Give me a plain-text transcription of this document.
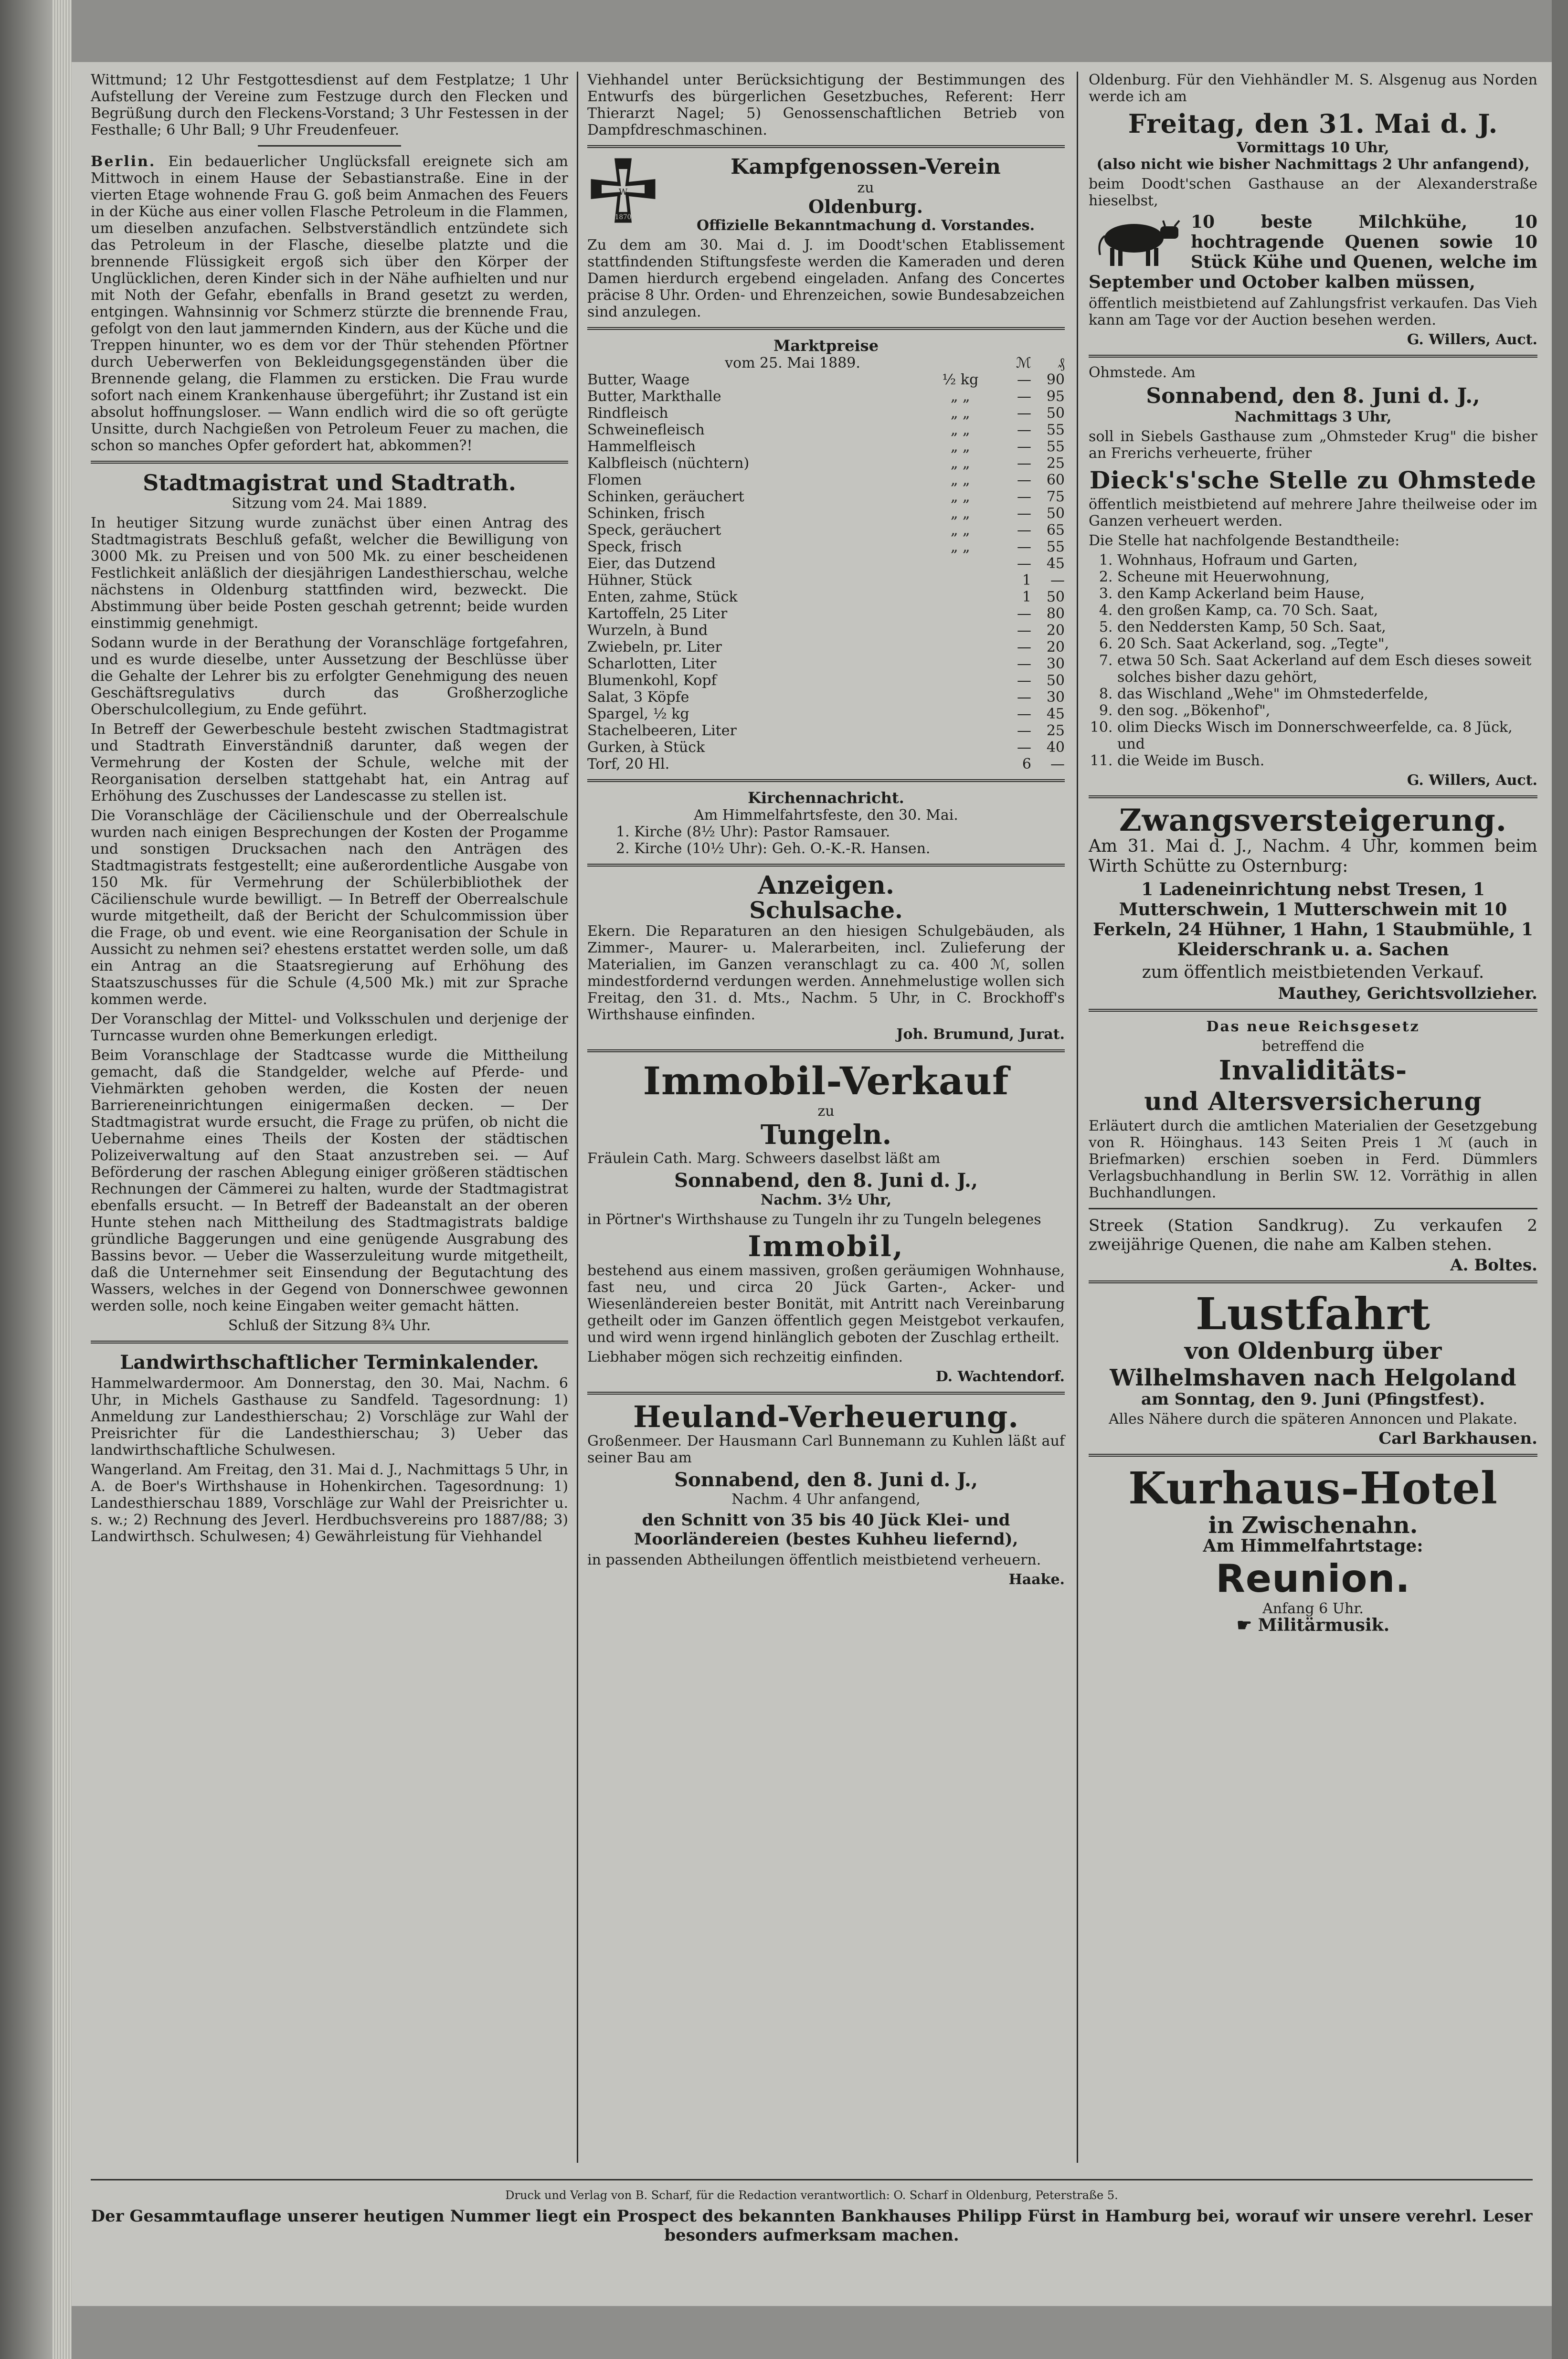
Wittmund; 12 Uhr Festgottesdienst auf dem Festplatze; 1 Uhr Aufstellung der Vereine zum Festzuge durch den Flecken und Begrüßung durch den Fleckens-Vorstand; 3 Uhr Festessen in der Festhalle; 6 Uhr Ball; 9 Uhr Freudenfeuer.

Berlin. Ein bedauerlicher Unglücksfall ereignete sich am Mittwoch in einem Hause der Sebastianstraße. Eine in der vierten Etage wohnende Frau G. goß beim Anmachen des Feuers in der Küche aus einer vollen Flasche Petroleum in die Flammen, um dieselben anzufachen. Selbstverständlich entzündete sich das Petroleum in der Flasche, dieselbe platzte und die brennende Flüssigkeit ergoß sich über den Körper der Unglücklichen, deren Kinder sich in der Nähe aufhielten und nur mit Noth der Gefahr, ebenfalls in Brand gesetzt zu werden, entgingen. Wahnsinnig vor Schmerz stürzte die brennende Frau, gefolgt von den laut jammernden Kindern, aus der Küche und die Treppen hinunter, wo es dem vor der Thür stehenden Pförtner durch Ueberwerfen von Bekleidungsgegenständen über die Brennende gelang, die Flammen zu ersticken. Die Frau wurde sofort nach einem Krankenhause übergeführt; ihr Zustand ist ein absolut hoffnungsloser. — Wann endlich wird die so oft gerügte Unsitte, durch Nachgießen von Petroleum Feuer zu machen, die schon so manches Opfer gefordert hat, abkommen?!

Stadtmagistrat und Stadtrath.

Sitzung vom 24. Mai 1889.

In heutiger Sitzung wurde zunächst über einen Antrag des Stadtmagistrats Beschluß gefaßt, welcher die Bewilligung von 3000 Mk. zu Preisen und von 500 Mk. zu einer bescheidenen Festlichkeit anläßlich der diesjährigen Landesthierschau, welche nächstens in Oldenburg stattfinden wird, bezweckt. Die Abstimmung über beide Posten geschah getrennt; beide wurden einstimmig genehmigt.

Sodann wurde in der Berathung der Voranschläge fortgefahren, und es wurde dieselbe, unter Aussetzung der Beschlüsse über die Gehalte der Lehrer bis zu erfolgter Genehmigung des neuen Geschäftsregulativs durch das Großherzogliche Oberschulcollegium, zu Ende geführt.

In Betreff der Gewerbeschule besteht zwischen Stadtmagistrat und Stadtrath Einverständniß darunter, daß wegen der Vermehrung der Kosten der Schule, welche mit der Reorganisation derselben stattgehabt hat, ein Antrag auf Erhöhung des Zuschusses der Landescasse zu stellen ist.

Die Voranschläge der Cäcilienschule und der Oberrealschule wurden nach einigen Besprechungen der Kosten der Progamme und sonstigen Drucksachen nach den Anträgen des Stadtmagistrats festgestellt; eine außerordentliche Ausgabe von 150 Mk. für Vermehrung der Schülerbibliothek der Cäcilienschule wurde bewilligt. — In Betreff der Oberrealschule wurde mitgetheilt, daß der Bericht der Schulcommission über die Frage, ob und event. wie eine Reorganisation der Schule in Aussicht zu nehmen sei? ehestens erstattet werden solle, um daß ein Antrag an die Staatsregierung auf Erhöhung des Staatszuschusses für die Schule (4,500 Mk.) mit zur Sprache kommen werde.

Der Voranschlag der Mittel- und Volksschulen und derjenige der Turncasse wurden ohne Bemerkungen erledigt.

Beim Voranschlage der Stadtcasse wurde die Mittheilung gemacht, daß die Standgelder, welche auf Pferde- und Viehmärkten gehoben werden, die Kosten der neuen Barriereneinrichtungen einigermaßen decken. — Der Stadtmagistrat wurde ersucht, die Frage zu prüfen, ob nicht die Uebernahme eines Theils der Kosten der städtischen Polizeiverwaltung auf den Staat anzustreben sei. — Auf Beförderung der raschen Ablegung einiger größeren städtischen Rechnungen der Cämmerei zu halten, wurde der Stadtmagistrat ebenfalls ersucht. — In Betreff der Badeanstalt an der oberen Hunte stehen nach Mittheilung des Stadtmagistrats baldige gründliche Baggerungen und eine genügende Ausgrabung des Bassins bevor. — Ueber die Wasserzuleitung wurde mitgetheilt, daß die Unternehmer seit Einsendung der Begutachtung des Wassers, welches in der Gegend von Donnerschwee gewonnen werden solle, noch keine Eingaben weiter gemacht hätten.

Schluß der Sitzung 8¾ Uhr.

Landwirthschaftlicher Terminkalender.

Hammelwardermoor. Am Donnerstag, den 30. Mai, Nachm. 6 Uhr, in Michels Gasthause zu Sandfeld. Tagesordnung: 1) Anmeldung zur Landesthierschau; 2) Vorschläge zur Wahl der Preisrichter für die Landesthierschau; 3) Ueber das landwirthschaftliche Schulwesen.

Wangerland. Am Freitag, den 31. Mai d. J., Nachmittags 5 Uhr, in A. de Boer's Wirthshause in Hohenkirchen. Tagesordnung: 1) Landesthierschau 1889, Vorschläge zur Wahl der Preisrichter u. s. w.; 2) Rechnung des Jeverl. Herdbuchsvereins pro 1887/88; 3) Landwirthsch. Schulwesen; 4) Gewährleistung für Viehhandel

Viehhandel unter Berücksichtigung der Bestimmungen des Entwurfs des bürgerlichen Gesetzbuches, Referent: Herr Thierarzt Nagel; 5) Genossenschaftlichen Betrieb von Dampfdreschmaschinen.

W
1870
Kampfgenossen-Verein

zu

Oldenburg.

Offizielle Bekanntmachung d. Vorstandes.

Zu dem am 30. Mai d. J. im Doodt'schen Etablissement stattfindenden Stiftungsfeste werden die Kameraden und deren Damen hierdurch ergebend eingeladen. Anfang des Concertes präcise 8 Uhr. Orden- und Ehrenzeichen, sowie Bundesabzeichen sind anzulegen.

Marktpreise
vom 25. Mai 1889.		ℳ	₰
Butter, Waage	½ kg	—	90
Butter, Markthalle	„ „	—	95
Rindfleisch	„ „	—	50
Schweinefleisch	„ „	—	55
Hammelfleisch	„ „	—	55
Kalbfleisch (nüchtern)	„ „	—	25
Flomen	„ „	—	60
Schinken, geräuchert	„ „	—	75
Schinken, frisch	„ „	—	50
Speck, geräuchert	„ „	—	65
Speck, frisch	„ „	—	55
Eier, das Dutzend		—	45
Hühner, Stück		1	—
Enten, zahme, Stück		1	50
Kartoffeln, 25 Liter		—	80
Wurzeln, à Bund		—	20
Zwiebeln, pr. Liter		—	20
Scharlotten, Liter		—	30
Blumenkohl, Kopf		—	50
Salat, 3 Köpfe		—	30
Spargel, ½ kg		—	45
Stachelbeeren, Liter		—	25
Gurken, à Stück		—	40
Torf, 20 Hl.		6	—
Kirchennachricht.

Am Himmelfahrtsfeste, den 30. Mai.

1. Kirche (8½ Uhr): Pastor Ramsauer.

2. Kirche (10½ Uhr): Geh. O.-K.-R. Hansen.

Anzeigen.
Schulsache.

Ekern. Die Reparaturen an den hiesigen Schulgebäuden, als Zimmer-, Maurer- u. Malerarbeiten, incl. Zulieferung der Materialien, im Ganzen veranschlagt zu ca. 400 ℳ, sollen mindestfordernd verdungen werden. Annehmelustige wollen sich Freitag, den 31. d. Mts., Nachm. 5 Uhr, in C. Brockhoff's Wirthshause einfinden.

Joh. Brumund, Jurat.

Immobil-Verkauf

zu

Tungeln.

Fräulein Cath. Marg. Schweers daselbst läßt am

Sonnabend, den 8. Juni d. J.,

Nachm. 3½ Uhr,

in Pörtner's Wirthshause zu Tungeln ihr zu Tungeln belegenes

Immobil,

bestehend aus einem massiven, großen geräumigen Wohnhause, fast neu, und circa 20 Jück Garten-, Acker- und Wiesenländereien bester Bonität, mit Antritt nach Vereinbarung getheilt oder im Ganzen öffentlich gegen Meistgebot verkaufen, und wird wenn irgend hinlänglich geboten der Zuschlag ertheilt.

Liebhaber mögen sich rechzeitig einfinden.

D. Wachtendorf.

Heuland-Verheuerung.

Großenmeer. Der Hausmann Carl Bunnemann zu Kuhlen läßt auf seiner Bau am

Sonnabend, den 8. Juni d. J.,

Nachm. 4 Uhr anfangend,

den Schnitt von 35 bis 40 Jück Klei- und Moorländereien (bestes Kuhheu liefernd),

in passenden Abtheilungen öffentlich meistbietend verheuern.

Haake.

Oldenburg. Für den Viehhändler M. S. Alsgenug aus Norden werde ich am

Freitag, den 31. Mai d. J.

Vormittags 10 Uhr,

(also nicht wie bisher Nachmittags 2 Uhr anfangend),

beim Doodt'schen Gasthause an der Alexanderstraße hieselbst,

10 beste Milchkühe, 10 hochtragende Quenen sowie 10 Stück Kühe und Quenen, welche im September und October kalben müssen,

öffentlich meistbietend auf Zahlungsfrist verkaufen. Das Vieh kann am Tage vor der Auction besehen werden.

G. Willers, Auct.

Ohmstede. Am

Sonnabend, den 8. Juni d. J.,

Nachmittags 3 Uhr,

soll in Siebels Gasthause zum „Ohmsteder Krug" die bisher an Frerichs verheuerte, früher

Dieck's'sche Stelle zu Ohmstede

öffentlich meistbietend auf mehrere Jahre theilweise oder im Ganzen verheuert werden.

Die Stelle hat nachfolgende Bestandtheile:

1. Wohnhaus, Hofraum und Garten,
2. Scheune mit Heuerwohnung,
3. den Kamp Ackerland beim Hause,
4. den großen Kamp, ca. 70 Sch. Saat,
5. den Neddersten Kamp, 50 Sch. Saat,
6. 20 Sch. Saat Ackerland, sog. „Tegte",
7. etwa 50 Sch. Saat Ackerland auf dem Esch dieses soweit solches bisher dazu gehört,
8. das Wischland „Wehe" im Ohmstederfelde,
9. den sog. „Bökenhof",
10. olim Diecks Wisch im Donnerschweerfelde, ca. 8 Jück, und
11. die Weide im Busch.

G. Willers, Auct.

Zwangsversteigerung.

Am 31. Mai d. J., Nachm. 4 Uhr, kommen beim Wirth Schütte zu Osternburg:

1 Ladeneinrichtung nebst Tresen, 1 Mutterschwein, 1 Mutterschwein mit 10 Ferkeln, 24 Hühner, 1 Hahn, 1 Staubmühle, 1 Kleiderschrank u. a. Sachen

zum öffentlich meistbietenden Verkauf.

Mauthey, Gerichtsvollzieher.

Das neue Reichsgesetz

betreffend die

Invaliditäts-
und Altersversicherung

Erläutert durch die amtlichen Materialien der Gesetzgebung von R. Höinghaus. 143 Seiten Preis 1 ℳ (auch in Briefmarken) erschien soeben in Ferd. Dümmlers Verlagsbuchhandlung in Berlin SW. 12. Vorräthig in allen Buchhandlungen.

Streek (Station Sandkrug). Zu verkaufen 2 zweijährige Quenen, die nahe am Kalben stehen.

A. Boltes.

Lustfahrt
von Oldenburg über Wilhelmshaven nach Helgoland

am Sonntag, den 9. Juni (Pfingstfest).

Alles Nähere durch die späteren Annoncen und Plakate.

Carl Barkhausen.

Kurhaus-Hotel
in Zwischenahn.

Am Himmelfahrtstage:

Reunion.

Anfang 6 Uhr.

☛ Militärmusik.

Druck und Verlag von B. Scharf, für die Redaction verantwortlich: O. Scharf in Oldenburg, Peterstraße 5.

Der Gesammtauflage unserer heutigen Nummer liegt ein Prospect des bekannten Bankhauses Philipp Fürst in Hamburg bei, worauf wir unsere verehrl. Leser besonders aufmerksam machen.
